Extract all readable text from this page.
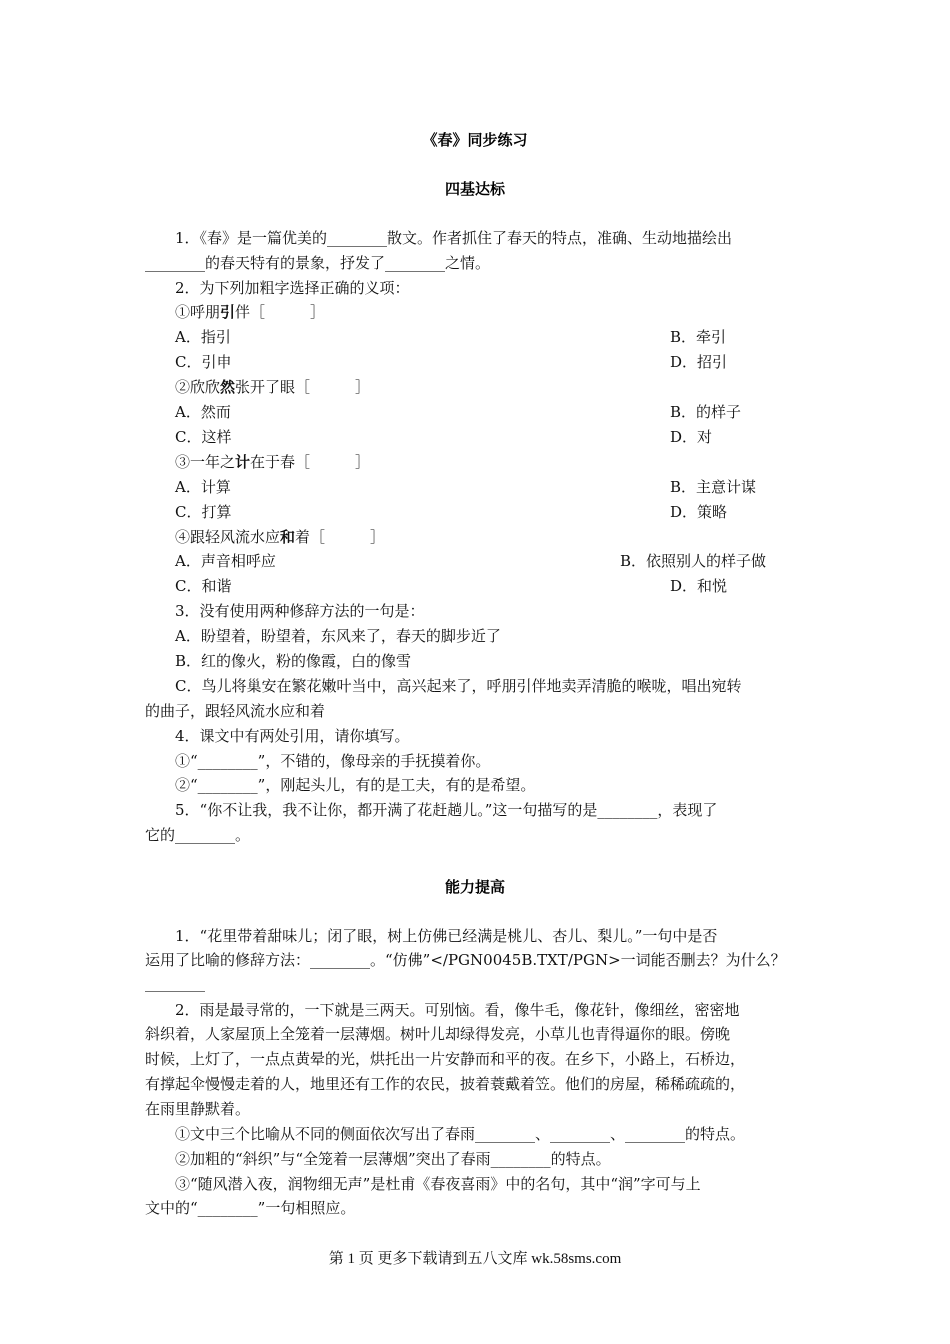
《春》同步练习
四基达标
1．《春》是一篇优美的________散文。作者抓住了春天的特点，准确、生动地描绘出
________的春天特有的景象，抒发了________之情。
2．为下列加粗字选择正确的义项：
①呼朋引伴［　　　］
A．指引	B．牵引
C．引申	D．招引
②欣欣然张开了眼［　　　］
A．然而	B．的样子
C．这样	D．对
③一年之计在于春［　　　］
A．计算	B．主意计谋
C．打算	D．策略
④跟轻风流水应和着［　　　］
A．声音相呼应	B．依照别人的样子做
C．和谐	D．和悦
3．没有使用两种修辞方法的一句是：
A．盼望着，盼望着，东风来了，春天的脚步近了
B．红的像火，粉的像霞，白的像雪
C．鸟儿将巢安在繁花嫩叶当中，高兴起来了，呼朋引伴地卖弄清脆的喉咙，唱出宛转
的曲子，跟轻风流水应和着
4．课文中有两处引用，请你填写。
①“________”，不错的，像母亲的手抚摸着你。
②“________”，刚起头儿，有的是工夫，有的是希望。
5．“你不让我，我不让你，都开满了花赶趟儿。”这一句描写的是________，表现了
它的________。
能力提高
1．“花里带着甜味儿；闭了眼，树上仿佛已经满是桃儿、杏儿、梨儿。”一句中是否
运用了比喻的修辞方法：________。“仿佛”</PGN0045B.TXT/PGN>一词能否删去？为什么？
________
2．雨是最寻常的，一下就是三两天。可别恼。看，像牛毛，像花针，像细丝，密密地
斜织着，人家屋顶上全笼着一层薄烟。树叶儿却绿得发亮，小草儿也青得逼你的眼。傍晚
时候，上灯了，一点点黄晕的光，烘托出一片安静而和平的夜。在乡下，小路上，石桥边，
有撑起伞慢慢走着的人，地里还有工作的农民，披着蓑戴着笠。他们的房屋，稀稀疏疏的，
在雨里静默着。
①文中三个比喻从不同的侧面依次写出了春雨________、________、________的特点。
②加粗的“斜织”与“全笼着一层薄烟”突出了春雨________的特点。
③“随风潜入夜，润物细无声”是杜甫《春夜喜雨》中的名句，其中“润”字可与上
文中的“________”一句相照应。
第 1 页 更多下载请到五八文库 wk.58sms.com
